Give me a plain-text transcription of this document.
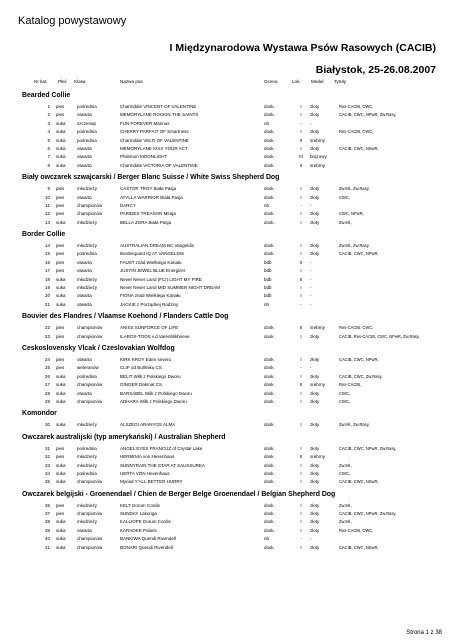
Katalog powystawowy
I Międzynarodowa Wystawa Psów Rasowych (CACIB)
Białystok, 25-26.08.2007
Nr kat. Płeć Klasa	Nazwa psa	Ocena	Lok. Medal Tytuły
Bearded Collie
1 pies	pośrednia	Charmdale VINCENT OF VALENTINE	dosk.	I	złoty	Res-CACIB, CWC,
2 pies	otwarta	MEMORYLANE ROCKIN THE SAINTS	dosk.	I	złoty	CACIB, CWC, NPwR, Zw.Rasy,
3 suka	szczeniąt	FUN FOREVER Marinus	nb	-	-
4 suka	pośrednia	CHERRY PARFAIT OF Smartness	dosk.	I	złoty	Res-CACIB, CWC,
5 suka	pośrednia	Charmdale VELTI OF VALENTINE	dosk.	II	srebrny
6 suka	otwarta	MEMORYLANE KIXX YOUR ACT	dosk.	I	złoty	CACIB, CWC, NSwR,
7 suka	otwarta	Philemon MOONLIGHT	dosk.	III	brązowy
8 suka	otwarta	Charmdale VICTORIA OF VALENTINE	dosk.	II	srebrny
Biały owczarek szwajcarski / Berger Blanc Suisse / White Swiss Shepherd Dog
9 pies	młodzieży	CASTOR TROY Biała Pasja	dosk.	I	złoty	Zw.Mł., Zw.Rasy,
10 pies	otwarta	ATYLLA WARRIOR Biała Pasja	dosk.	I	złoty	CWC,
11 pies	championów	DARCY	nb	-	-
12 pies	championów	PARIDES TREASON Miraja	dosk.	I	złoty	CWC, NPwR,
13 suka	młodzieży	BELLA ZORA Biała Pasja	dosk.	I	złoty	Zw.Mł.,
Border Collie
14 pies	młodzieży	AUSTRALIAN DREAM BC Vangeldis	dosk.	I	złoty	Zw.Mł., Zw.Rasy,
15 pies	pośrednia	Borderquard IQ AT VANGELDIS	dosk.	I	złoty	CACIB, CWC, NPwR,
16 pies	otwarta	FAUST znad Wielkiego Kanału	bdb	II	-
17 pies	otwarta	JUSTIN JEWEL BLUE Energizer	bdb	I	-
18 suka	młodzieży	Never Never Land (FCI) LIGHT MY FIRE	bdb	II	-
19 suka	młodzieży	Never Never Land MID SUMMER NIGHT DREAM	bdb	I	-
20 suka	otwarta	FIONA znad Wielkiego Kanału	bdb	I	-
21 suka	otwarta	JACKIE z Porządnej Rodziny	nb	-	-
Bouvier des Flandres / Vlaamse Koehond / Flanders Cattle Dog
22 pies	championów	ANISS SUNFORCE OF LIFE	dosk.	II	srebrny	Res-CACIB, CWC,
23 pies	championów	ILAROS-TOOS v.d.Varenblikhoeve	dosk.	I	złoty	CACIB, Res-CACIB, CWC, NPwR, Zw.Rasy,
Ceskoslovensky Vlcak / Czeslovakian Wolfdog
24 pies	otwarta	KIRK KROY Eden severu	dosk.	I	złoty	CACIB, CWC, NPwR,
25 pies	weteranów	CLIF od Bullmiku CS	dosk.	-	-
26 suka	pośrednia	BELIT Wilk z Polskiego Dworu	dosk.	I	złoty	CACIB, CWC, Zw.Rasy,
27 suka	championów	GINGER Dakmat CS	dosk.	II	srebrny	Res-CACIB,
28 suka	otwarta	BARSABEL Wilk z Polskiego Dworu	dosk.	I	złoty	CWC,
29 suka	championów	ADHARA Wilk z Polskiego Dworu	dosk.	I	złoty	CWC,
Komondor
30 suka	młodzieży	ALSZEGI ARANYOS ALMA	dosk.	I	złoty	Zw.Mł., Zw.Rasy,
Owczarek australijski (typ amerykański) / Australian Shepherd
31 pies	pośrednia	ANGEL EYES FRANCUZ of Crystal Lake	dosk.	I	złoty	CACIB, CWC, NPwR, Zw.Rasy,
32 pies	młodzieży	HERMINIA von Hexenhaus	dosk.	II	srebrny
33 suka	młodzieży	SUNNYRAIN THE STAR AT SAUSSUREA	dosk.	I	złoty	Zw.Mł.,
34 suka	pośrednia	HERTA VON Hexenhaus	dosk.	I	złoty	CWC,
35 suka	championów	Myriad Y'ALL BETTER HURRY	dosk.	I	złoty	CACIB, CWC, NSwR,
Owczarek belgijski - Groenendael / Chien de Berger Belge Groenendael / Belgian Shepherd Dog
36 pies	młodzieży	KELT Dorum Cordis	dosk.	I	złoty	Zw.Mł.,
37 pies	championów	SUNDAY Lakonga	dosk.	I	złoty	CACIB, CWC, NPwR, Zw.Rasy,
38 suka	młodzieży	KALLIOPE Dorum Cordis	dosk.	I	złoty	Zw.Mł.,
39 suka	otwarta	KARAOKE Polaris	dosk.	I	złoty	Res-CACIB, CWC,
40 suka	championów	BANKIWA Quendi Rivendell	nb	-	-
41 suka	championów	BONARI Quendi Rivendell	dosk.	I	złoty	CACIB, CWC, NSwR,
Strona 1 z 38
